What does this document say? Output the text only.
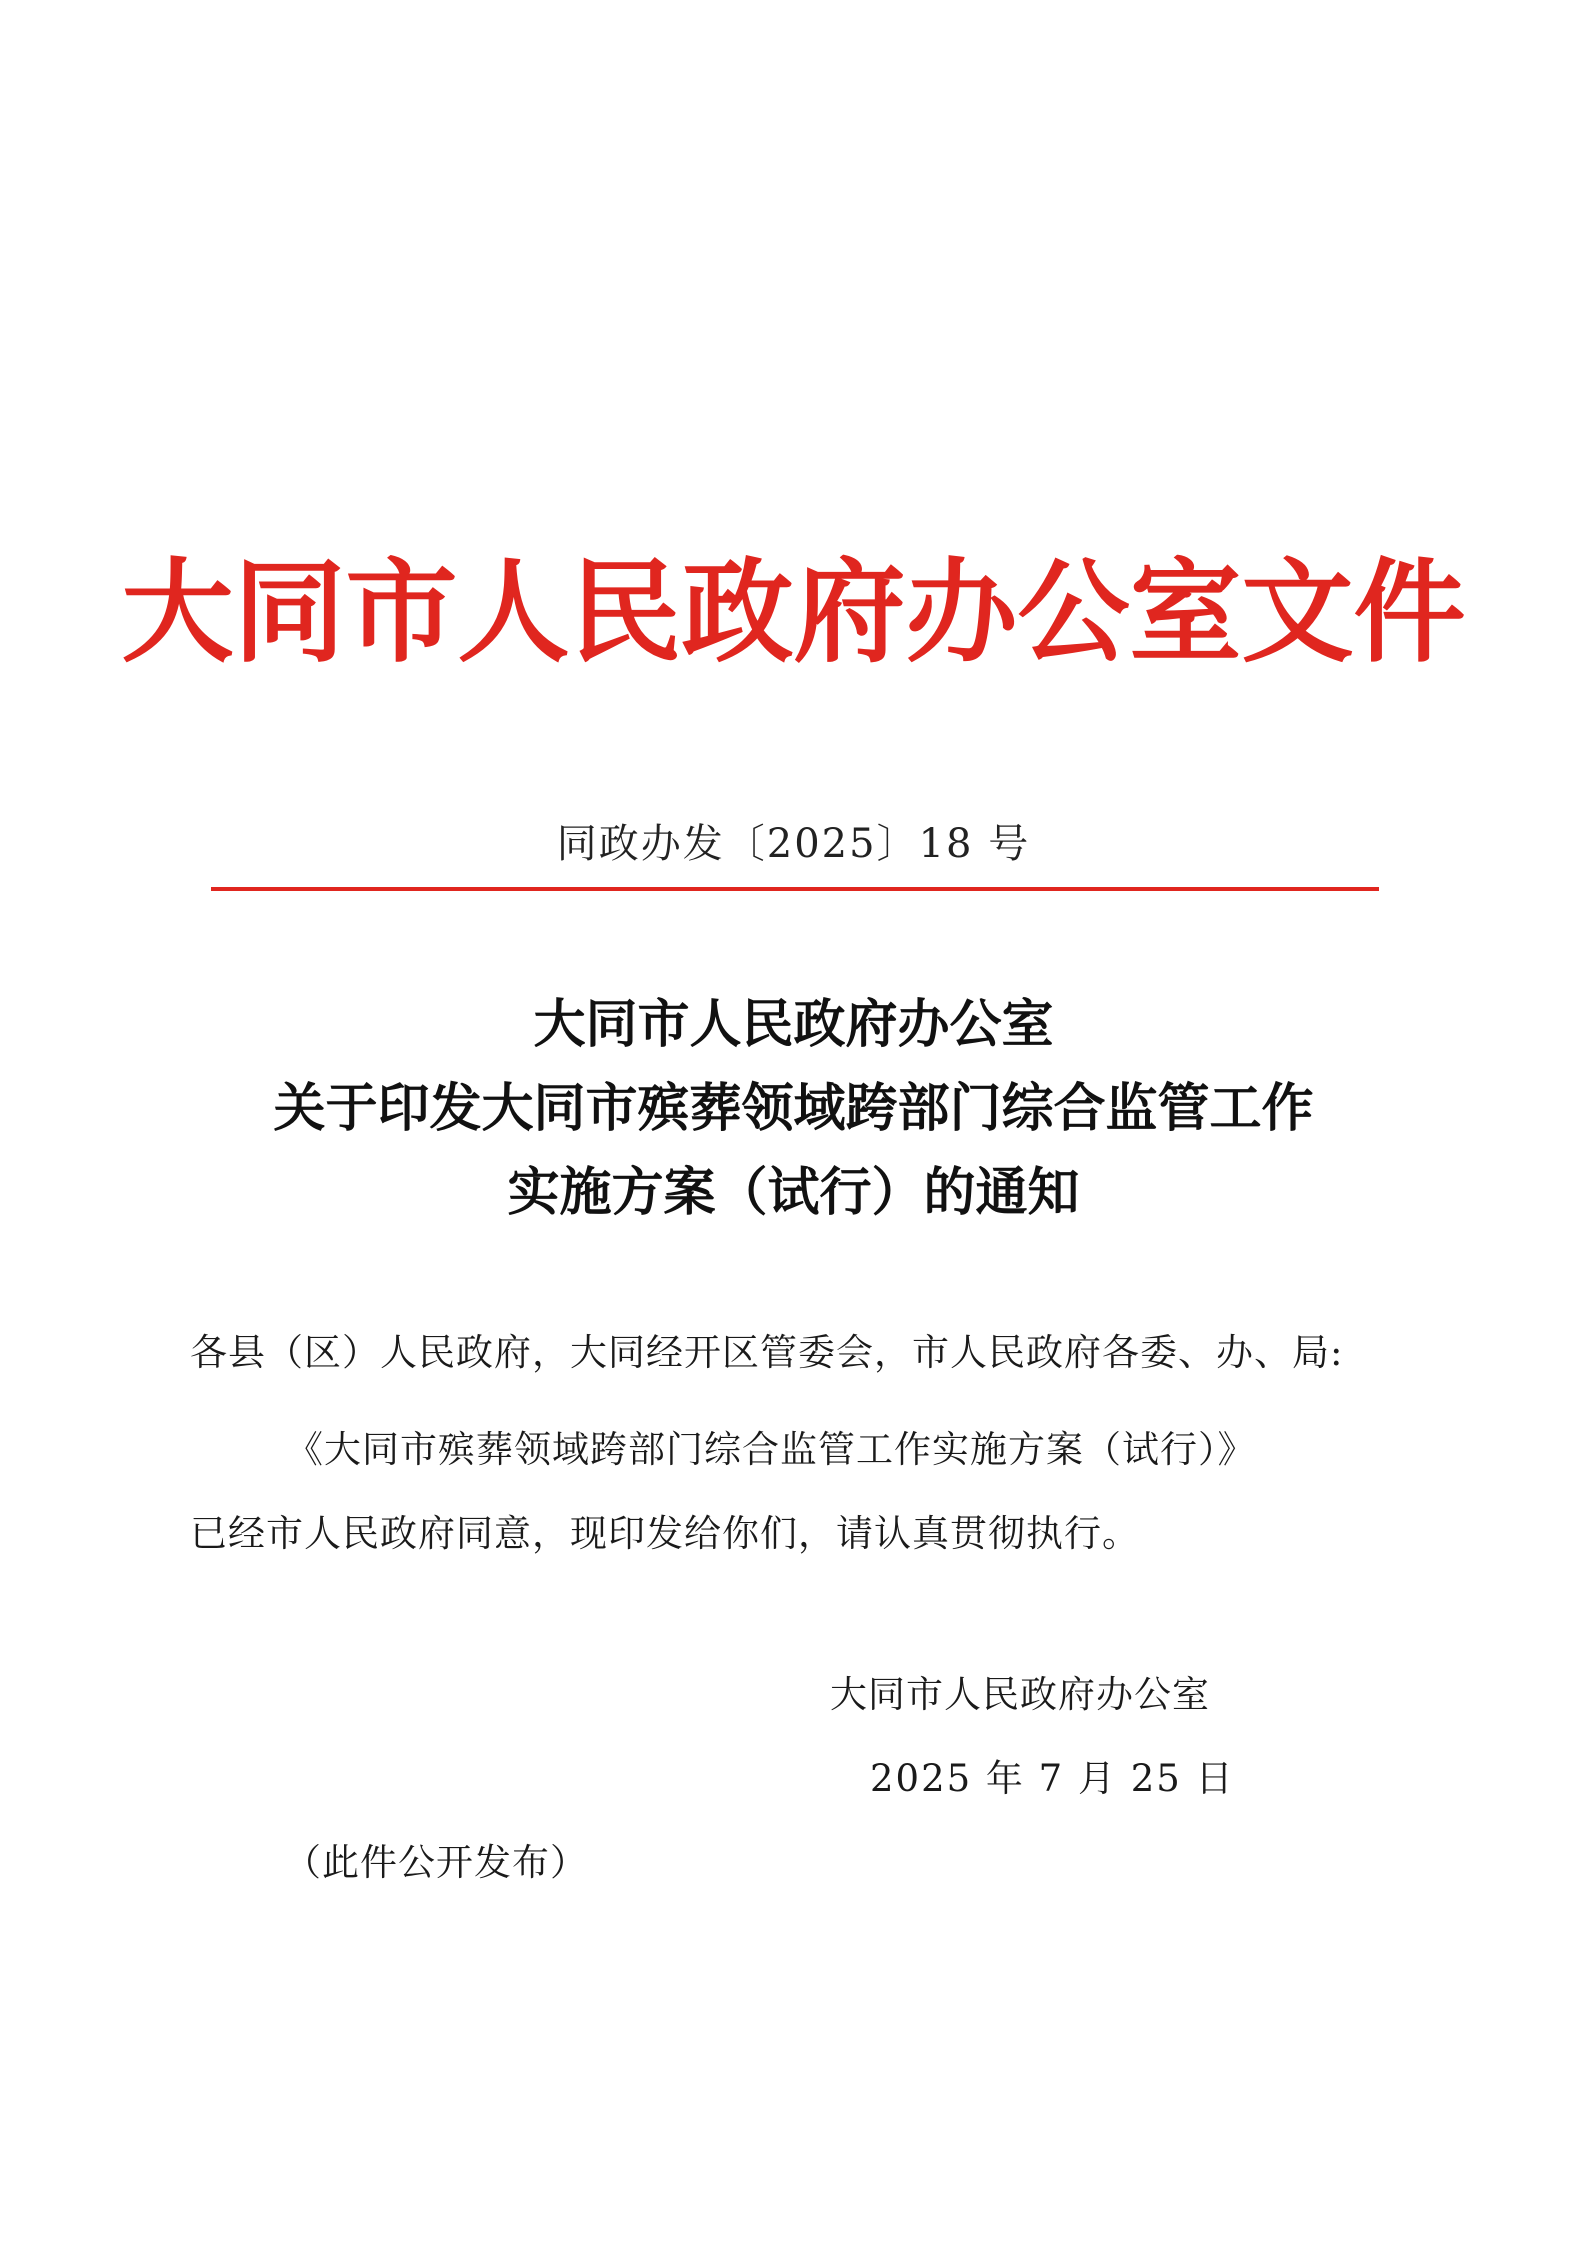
大同市人民政府办公室文件
同政办发〔2025〕18 号
大同市人民政府办公室
关于印发大同市殡葬领域跨部门综合监管工作
实施方案（试行）的通知
各县（区）人民政府，大同经开区管委会，市人民政府各委、办、局:
《大同市殡葬领域跨部门综合监管工作实施方案（试行）》
已经市人民政府同意，现印发给你们，请认真贯彻执行。
大同市人民政府办公室
2025 年 7 月 25 日
（此件公开发布）
